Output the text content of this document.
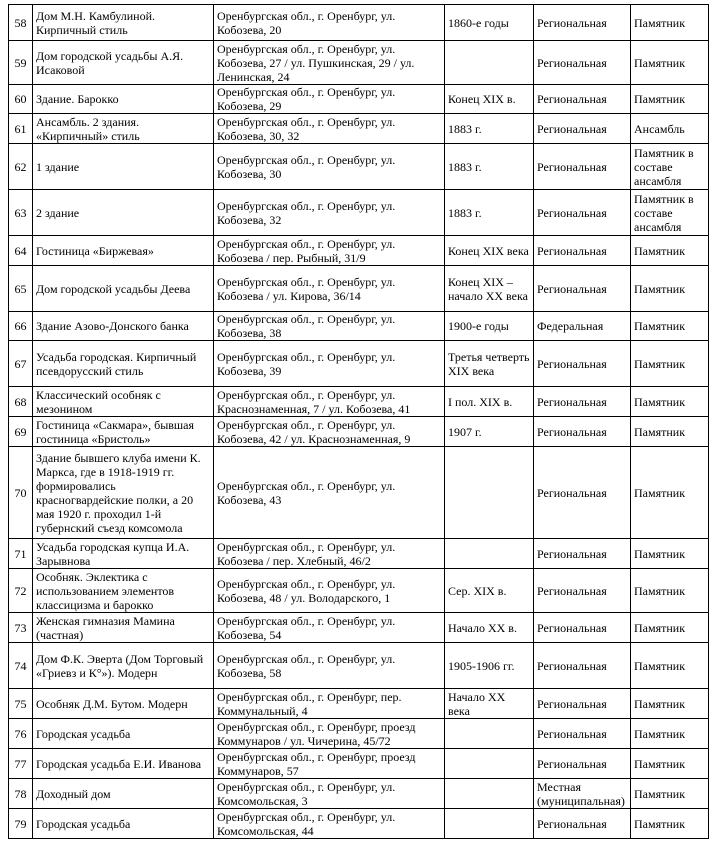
58	Дом М.Н. Камбулиной. Кирпичный стиль	Оренбургская обл., г. Оренбург, ул. Кобозева, 20	1860-е годы	Региональная	Памятник
59	Дом городской усадьбы А.Я. Исаковой	Оренбургская обл., г. Оренбург, ул. Кобозева, 27 / ул. Пушкинская, 29 / ул. Ленинская, 24		Региональная	Памятник
60	Здание. Барокко	Оренбургская обл., г. Оренбург, ул. Кобозева, 29	Конец XIX в.	Региональная	Памятник
61	Ансамбль. 2 здания. «Кирпичный» стиль	Оренбургская обл., г. Оренбург, ул. Кобозева, 30, 32	1883 г.	Региональная	Ансамбль
62	1 здание	Оренбургская обл., г. Оренбург, ул. Кобозева, 30	1883 г.	Региональная	Памятник в составе ансамбля
63	2 здание	Оренбургская обл., г. Оренбург, ул. Кобозева, 32	1883 г.	Региональная	Памятник в составе ансамбля
64	Гостиница «Биржевая»	Оренбургская обл., г. Оренбург, ул. Кобозева / пер. Рыбный, 31/9	Конец XIX века	Региональная	Памятник
65	Дом городской усадьбы Деева	Оренбургская обл., г. Оренбург, ул. Кобозева / ул. Кирова, 36/14	Конец XIX – начало XX века	Региональная	Памятник
66	Здание Азово-Донского банка	Оренбургская обл., г. Оренбург, ул. Кобозева, 38	1900-е годы	Федеральная	Памятник
67	Усадьба городская. Кирпичный псевдорусский стиль	Оренбургская обл., г. Оренбург, ул. Кобозева, 39	Третья четверть XIX века	Региональная	Памятник
68	Классический особняк с мезонином	Оренбургская обл., г. Оренбург, ул. Краснознаменная, 7 / ул. Кобозева, 41	I пол. XIX в.	Региональная	Памятник
69	Гостиница «Сакмара», бывшая гостиница «Бристоль»	Оренбургская обл., г. Оренбург, ул. Кобозева, 42 / ул. Краснознаменная, 9	1907 г.	Региональная	Памятник
70	Здание бывшего клуба имени К. Маркса, где в 1918-1919 гг. формировались красногвардейские полки, а 20 мая 1920 г. проходил 1-й губернский съезд комсомола	Оренбургская обл., г. Оренбург, ул. Кобозева, 43		Региональная	Памятник
71	Усадьба городская купца И.А. Зарывнова	Оренбургская обл., г. Оренбург, ул. Кобозева / пер. Хлебный, 46/2		Региональная	Памятник
72	Особняк. Эклектика с использованием элементов классицизма и барокко	Оренбургская обл., г. Оренбург, ул. Кобозева, 48 / ул. Володарского, 1	Сер. XIX в.	Региональная	Памятник
73	Женская гимназия Мамина (частная)	Оренбургская обл., г. Оренбург, ул. Кобозева, 54	Начало XX в.	Региональная	Памятник
74	Дом Ф.К. Эверта (Дом Торговый «Гриевз и К°»). Модерн	Оренбургская обл., г. Оренбург, ул. Кобозева, 58	1905-1906 гг.	Региональная	Памятник
75	Особняк Д.М. Бутом. Модерн	Оренбургская обл., г. Оренбург, пер. Коммунальный, 4	Начало XX века	Региональная	Памятник
76	Городская усадьба	Оренбургская обл., г. Оренбург, проезд Коммунаров / ул. Чичерина, 45/72		Региональная	Памятник
77	Городская усадьба Е.И. Иванова	Оренбургская обл., г. Оренбург, проезд Коммунаров, 57		Региональная	Памятник
78	Доходный дом	Оренбургская обл., г. Оренбург, ул. Комсомольская, 3		Местная (муниципальная)	Памятник
79	Городская усадьба	Оренбургская обл., г. Оренбург, ул. Комсомольская, 44		Региональная	Памятник
